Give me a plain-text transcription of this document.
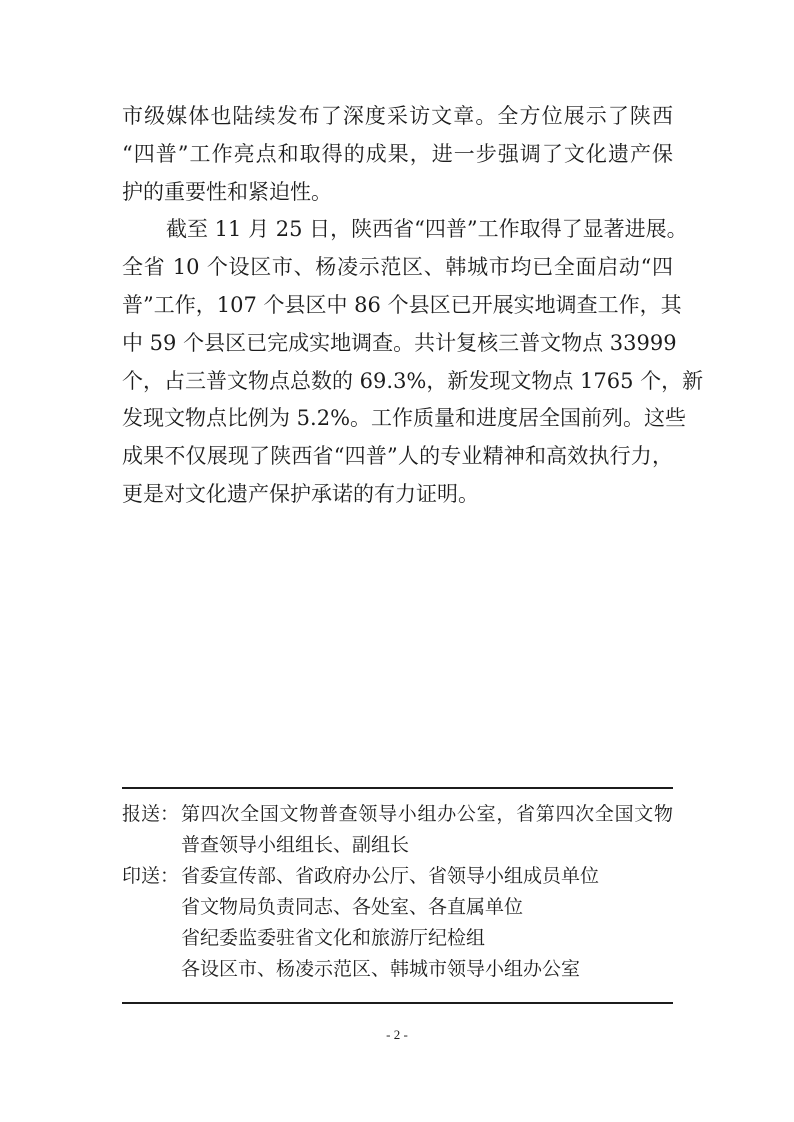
市级媒体也陆续发布了深度采访文章。全方位展示了陕西
“四普”工作亮点和取得的成果，进一步强调了文化遗产保
护的重要性和紧迫性。
截至 11 月 25 日，陕西省“四普”工作取得了显著进展。
全省 10 个设区市、杨凌示范区、韩城市均已全面启动“四
普”工作，107 个县区中 86 个县区已开展实地调查工作，其
中 59 个县区已完成实地调查。共计复核三普文物点 33999
个，占三普文物点总数的 69.3%，新发现文物点 1765 个，新
发现文物点比例为 5.2%。工作质量和进度居全国前列。这些
成果不仅展现了陕西省“四普”人的专业精神和高效执行力，
更是对文化遗产保护承诺的有力证明。
报送： 第四次全国文物普查领导小组办公室，省第四次全国文物
普查领导小组组长、副组长
印送： 省委宣传部、省政府办公厅、省领导小组成员单位
省文物局负责同志、各处室、各直属单位
省纪委监委驻省文化和旅游厅纪检组
各设区市、杨凌示范区、韩城市领导小组办公室
- 2 -
